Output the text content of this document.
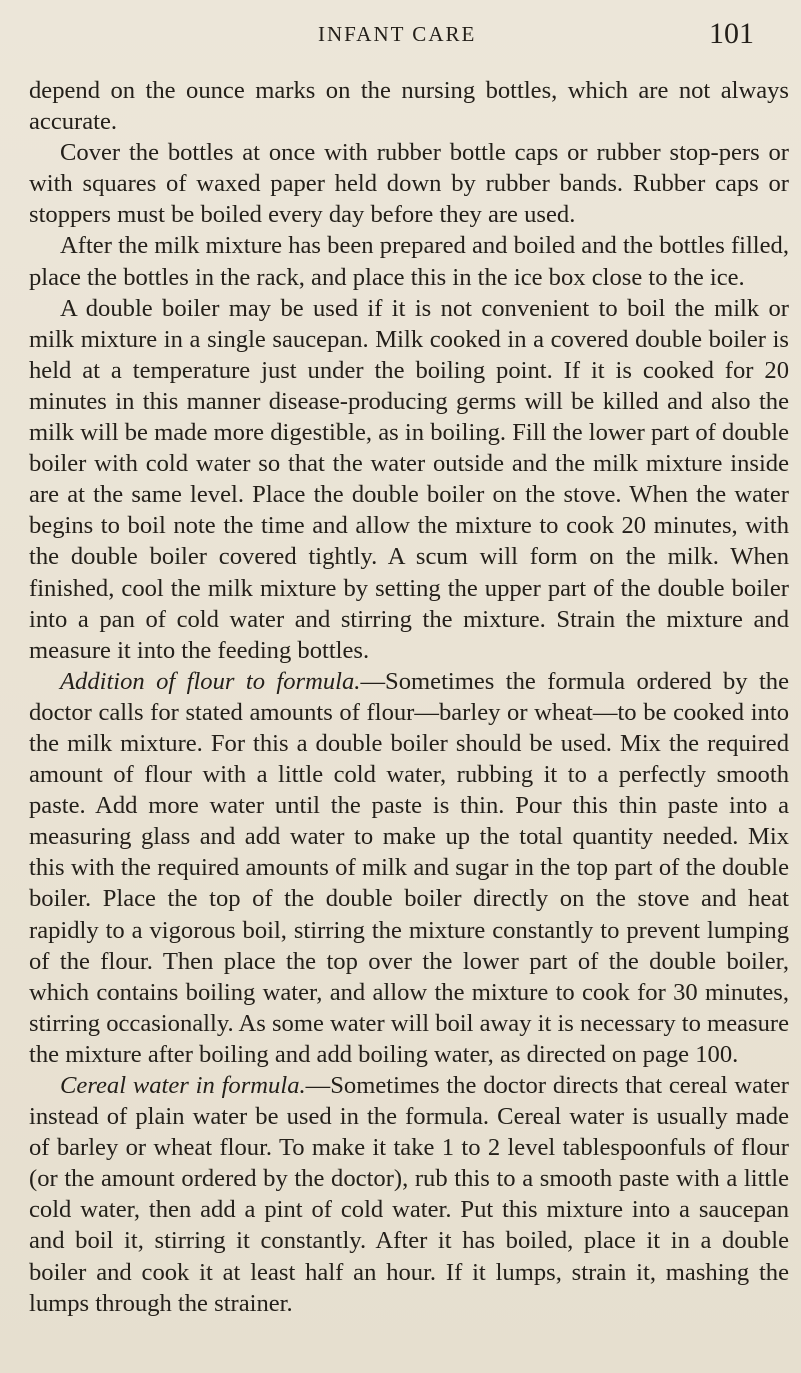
INFANT CARE	101

depend on the ounce marks on the nursing bottles, which are not always accurate.

Cover the bottles at once with rubber bottle caps or rubber stop-pers or with squares of waxed paper held down by rubber bands. Rubber caps or stoppers must be boiled every day before they are used.

After the milk mixture has been prepared and boiled and the bottles filled, place the bottles in the rack, and place this in the ice box close to the ice.

A double boiler may be used if it is not convenient to boil the milk or milk mixture in a single saucepan. Milk cooked in a covered double boiler is held at a temperature just under the boiling point. If it is cooked for 20 minutes in this manner disease-producing germs will be killed and also the milk will be made more digestible, as in boiling. Fill the lower part of double boiler with cold water so that the water outside and the milk mixture inside are at the same level. Place the double boiler on the stove. When the water begins to boil note the time and allow the mixture to cook 20 minutes, with the double boiler covered tightly. A scum will form on the milk. When finished, cool the milk mixture by setting the upper part of the double boiler into a pan of cold water and stirring the mixture. Strain the mixture and measure it into the feeding bottles.

Addition of flour to formula.—Sometimes the formula ordered by the doctor calls for stated amounts of flour—barley or wheat—to be cooked into the milk mixture. For this a double boiler should be used. Mix the required amount of flour with a little cold water, rubbing it to a perfectly smooth paste. Add more water until the paste is thin. Pour this thin paste into a measuring glass and add water to make up the total quantity needed. Mix this with the required amounts of milk and sugar in the top part of the double boiler. Place the top of the double boiler directly on the stove and heat rapidly to a vigorous boil, stirring the mixture constantly to prevent lumping of the flour. Then place the top over the lower part of the double boiler, which contains boiling water, and allow the mixture to cook for 30 minutes, stirring occasionally. As some water will boil away it is necessary to measure the mixture after boiling and add boiling water, as directed on page 100.

Cereal water in formula.—Sometimes the doctor directs that cereal water instead of plain water be used in the formula. Cereal water is usually made of barley or wheat flour. To make it take 1 to 2 level tablespoonfuls of flour (or the amount ordered by the doctor), rub this to a smooth paste with a little cold water, then add a pint of cold water. Put this mixture into a saucepan and boil it, stirring it constantly. After it has boiled, place it in a double boiler and cook it at least half an hour. If it lumps, strain it, mashing the lumps through the strainer.
